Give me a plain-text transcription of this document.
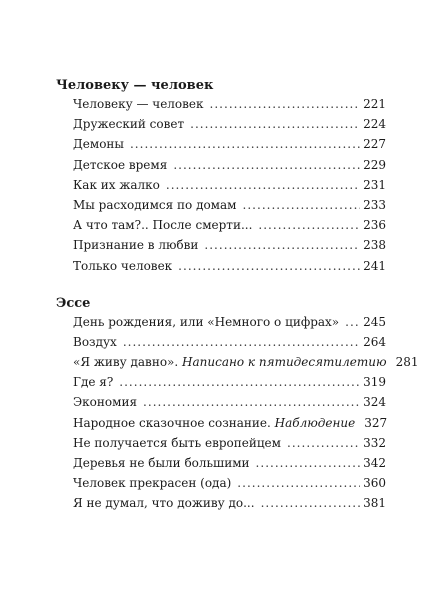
Человеку — человек
Человеку — человек . . .	221
Дружеский совет . . .	224
Демоны . . .	227
Детское время . . .	229
Как их жалко . . .	231
Мы расходимся по домам . . .	233
А что там?.. После смерти... . . .	236
Признание в любви . . .	238
Только человек . . .	241
Эссе
День рождения, или «Немного о цифрах» . . . 245
Воздух . . .	264
«Я живу давно». Написано к пятидесятилетию 281
Где я? . . .	319
Экономия . . .	324
Народное сказочное сознание. Наблюдение 327
Не получается быть европейцем . . .	332
Деревья не были большими . . .	342
Человек прекрасен (ода) . . .	360
Я не думал, что доживу до... . . .	381
